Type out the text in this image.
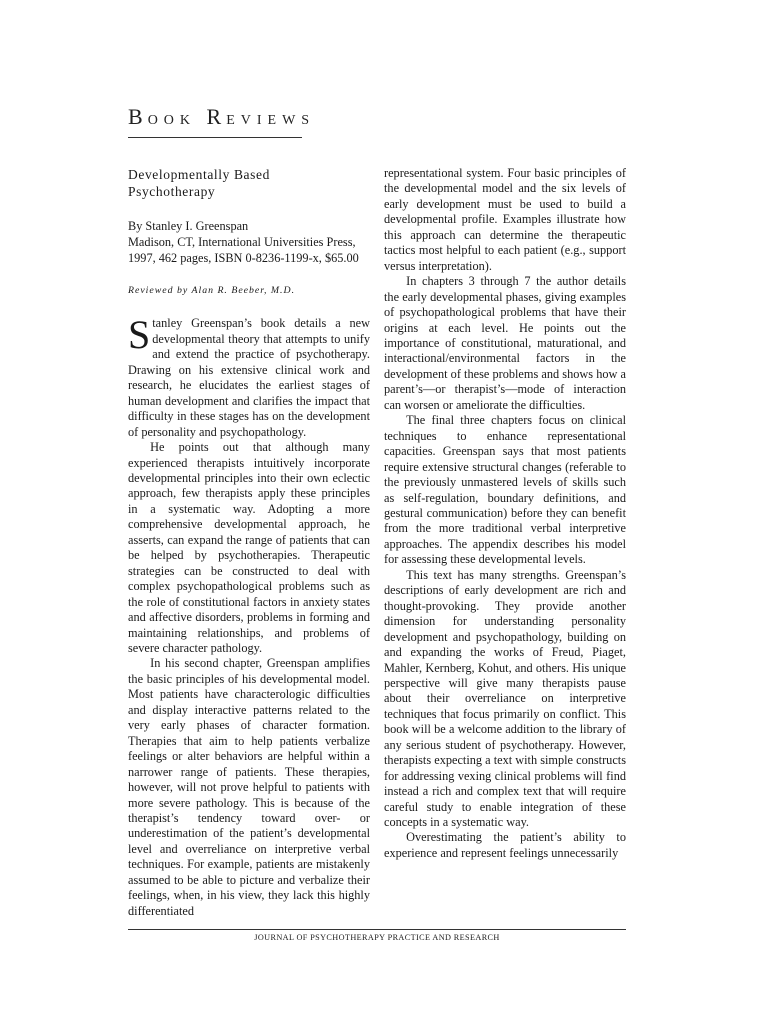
BOOK REVIEWS
Developmentally Based
Psychotherapy
By Stanley I. Greenspan
Madison, CT, International Universities Press,
1997, 462 pages, ISBN 0-8236-1199-x, $65.00
Reviewed by Alan R. Beeber, M.D.

Stanley Greenspan’s book details a new developmental theory that attempts to unify and extend the practice of psychotherapy. Drawing on his extensive clinical work and research, he elucidates the earliest stages of human development and clarifies the impact that difficulty in these stages has on the development of personality and psychopathology.

He points out that although many experienced therapists intuitively incorporate developmental principles into their own eclectic approach, few therapists apply these principles in a systematic way. Adopting a more comprehensive developmental approach, he asserts, can expand the range of patients that can be helped by psychotherapies. Therapeutic strategies can be constructed to deal with complex psychopathological problems such as the role of constitutional factors in anxiety states and affective disorders, problems in forming and maintaining relationships, and problems of severe character pathology.

In his second chapter, Greenspan amplifies the basic principles of his developmental model. Most patients have characterologic difficulties and display interactive patterns related to the very early phases of character formation. Therapies that aim to help patients verbalize feelings or alter behaviors are helpful within a narrower range of patients. These therapies, however, will not prove helpful to patients with more severe pathology. This is because of the therapist’s tendency toward over- or underestimation of the patient’s developmental level and overreliance on interpretive verbal techniques. For example, patients are mistakenly assumed to be able to picture and verbalize their feelings, when, in his view, they lack this highly differentiated

representational system. Four basic principles of the developmental model and the six levels of early development must be used to build a developmental profile. Examples illustrate how this approach can determine the therapeutic tactics most helpful to each patient (e.g., support versus interpretation).

In chapters 3 through 7 the author details the early developmental phases, giving examples of psychopathological problems that have their origins at each level. He points out the importance of constitutional, maturational, and interactional/environmental factors in the development of these problems and shows how a parent’s—or therapist’s—mode of interaction can worsen or ameliorate the difficulties.

The final three chapters focus on clinical techniques to enhance representational capacities. Greenspan says that most patients require extensive structural changes (referable to the previously unmastered levels of skills such as self-regulation, boundary definitions, and gestural communication) before they can benefit from the more traditional verbal interpretive approaches. The appendix describes his model for assessing these developmental levels.

This text has many strengths. Greenspan’s descriptions of early development are rich and thought-provoking. They provide another dimension for understanding personality development and psychopathology, building on and expanding the works of Freud, Piaget, Mahler, Kernberg, Kohut, and others. His unique perspective will give many therapists pause about their overreliance on interpretive techniques that focus primarily on conflict. This book will be a welcome addition to the library of any serious student of psychotherapy. However, therapists expecting a text with simple constructs for addressing vexing clinical problems will find instead a rich and complex text that will require careful study to enable integration of these concepts in a systematic way.

Overestimating the patient’s ability to experience and represent feelings unnecessarily

JOURNAL OF PSYCHOTHERAPY PRACTICE AND RESEARCH
